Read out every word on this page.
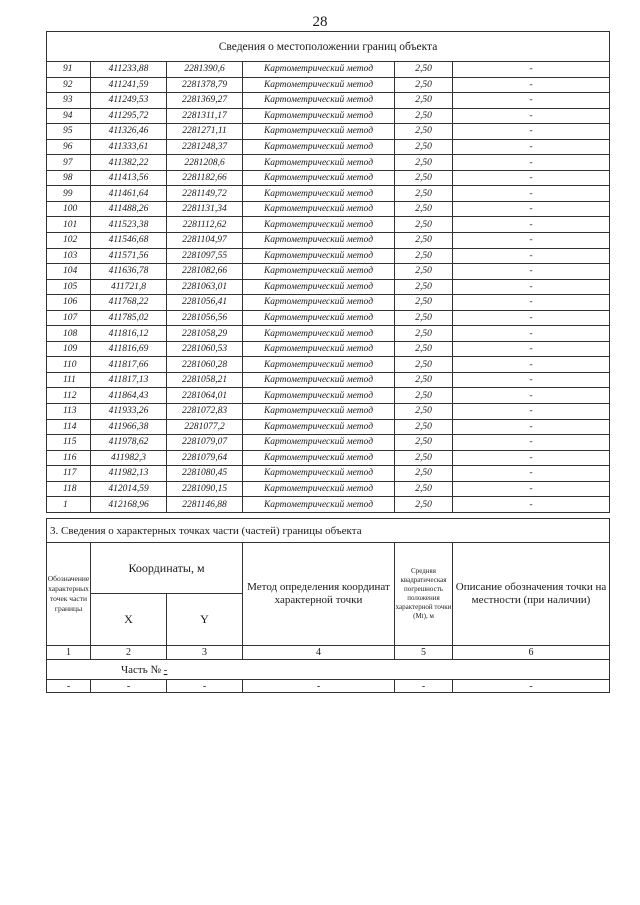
28
Сведения о местоположении границ объекта					
91	411233,88	2281390,6	Картометрический метод	2,50	-
92	411241,59	2281378,79	Картометрический метод	2,50	-
93	411249,53	2281369,27	Картометрический метод	2,50	-
94	411295,72	2281311,17	Картометрический метод	2,50	-
95	411326,46	2281271,11	Картометрический метод	2,50	-
96	411333,61	2281248,37	Картометрический метод	2,50	-
97	411382,22	2281208,6	Картометрический метод	2,50	-
98	411413,56	2281182,66	Картометрический метод	2,50	-
99	411461,64	2281149,72	Картометрический метод	2,50	-
100	411488,26	2281131,34	Картометрический метод	2,50	-
101	411523,38	2281112,62	Картометрический метод	2,50	-
102	411546,68	2281104,97	Картометрический метод	2,50	-
103	411571,56	2281097,55	Картометрический метод	2,50	-
104	411636,78	2281082,66	Картометрический метод	2,50	-
105	411721,8	2281063,01	Картометрический метод	2,50	-
106	411768,22	2281056,41	Картометрический метод	2,50	-
107	411785,02	2281056,56	Картометрический метод	2,50	-
108	411816,12	2281058,29	Картометрический метод	2,50	-
109	411816,69	2281060,53	Картометрический метод	2,50	-
110	411817,66	2281060,28	Картометрический метод	2,50	-
111	411817,13	2281058,21	Картометрический метод	2,50	-
112	411864,43	2281064,01	Картометрический метод	2,50	-
113	411933,26	2281072,83	Картометрический метод	2,50	-
114	411966,38	2281077,2	Картометрический метод	2,50	-
115	411978,62	2281079,07	Картометрический метод	2,50	-
116	411982,3	2281079,64	Картометрический метод	2,50	-
117	411982,13	2281080,45	Картометрический метод	2,50	-
118	412014,59	2281090,15	Картометрический метод	2,50	-
1	412168,96	2281146,88	Картометрический метод	2,50	-
3. Сведения о характерных точках части (частей) границы объекта					
Обозначение характерных точек части границы	Координаты, м		Метод определения координат характерной точки	Средняя квадратическая погрешность положения характерной точки (Мt), м	Описание обозначения точки на местности (при наличии)
	X	Y			
1	2	3	4	5	6
Часть № -					
-	-	-	-	-	-
